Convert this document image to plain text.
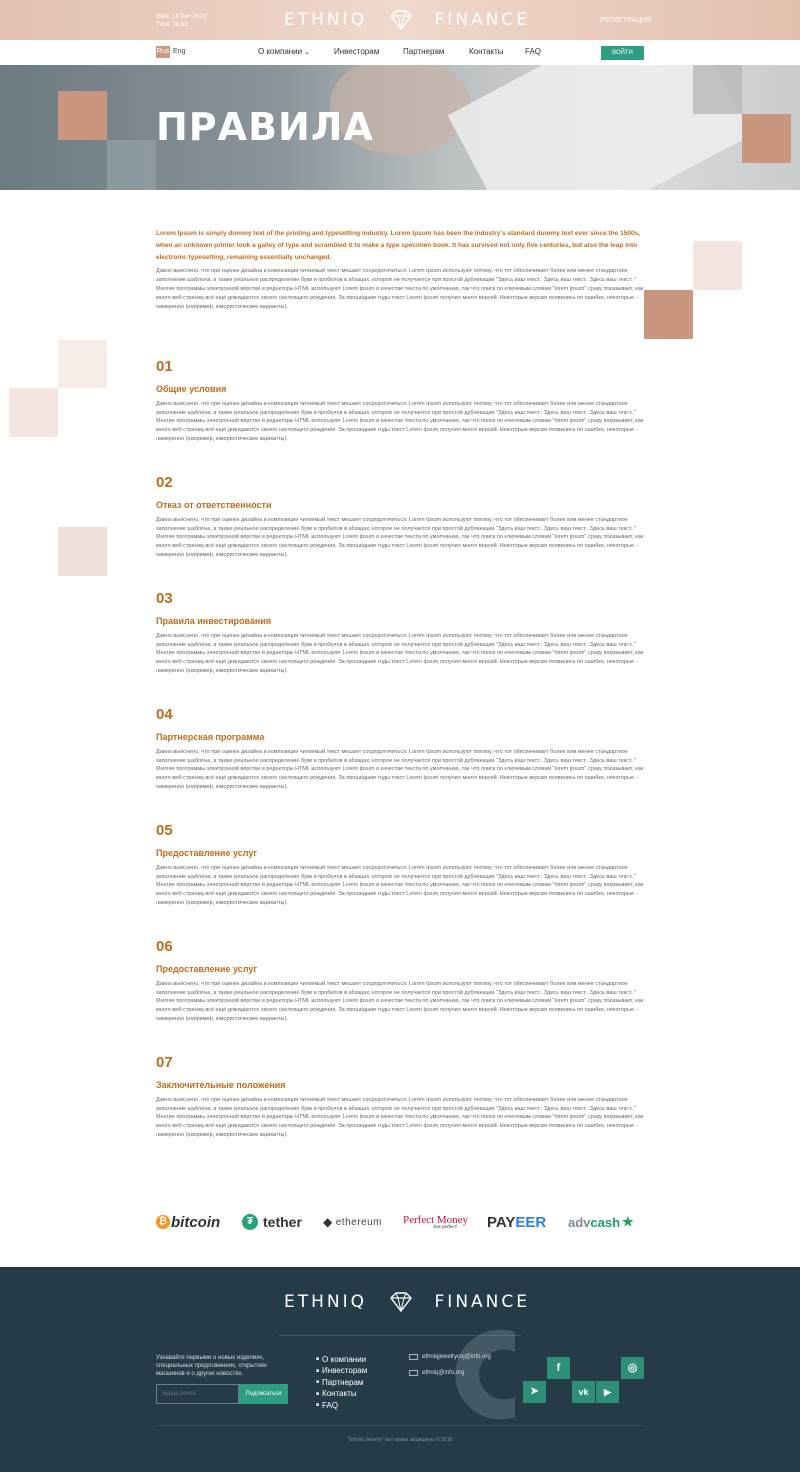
Date: 14 Dec 2020
Time: 16:33	ETHNIQ	FINANCE	РЕГИСТРАЦИЯ
Rus Eng	О компании ⌄	Инвесторам	Партнерам	Контакты	FAQ	ВОЙТИ
ПРАВИЛА
Lorem Ipsum is simply dummy text of the printing and typesetting industry. Lorem Ipsum has been the industry's standard dummy text ever since the 1500s, when an unknown printer took a galley of type and scrambled it to make a type specimen book. It has survived not only five centuries, but also the leap into electronic typesetting, remaining essentially unchanged.
Давно выяснено, что при оценке дизайна и композиции читаемый текст мешает сосредоточиться. Lorem Ipsum используют потому, что тот обеспечивает более или менее стандартное заполнение шаблона, а также реальное распределение букв и пробелов в абзацах, которое не получается при простой дубликации "Здесь ваш текст.. Здесь ваш текст.. Здесь ваш текст.." Многие программы электронной вёрстки и редакторы HTML используют Lorem Ipsum в качестве текста по умолчанию, так что поиск по ключевым словам "lorem ipsum" сразу показывает, как много веб-страниц всё ещё дожидаются своего настоящего рождения. За прошедшие годы текст Lorem Ipsum получил много версий. Некоторые версии появились по ошибке, некоторые - намеренно (например, юмористические варианты).
01
Общие условия
Давно выяснено, что при оценке дизайна и композиции читаемый текст мешает сосредоточиться. Lorem Ipsum используют потому, что тот обеспечивает более или менее стандартное заполнение шаблона, а также реальное распределение букв и пробелов в абзацах, которое не получается при простой дубликации "Здесь ваш текст.. Здесь ваш текст.. Здесь ваш текст.." Многие программы электронной вёрстки и редакторы HTML используют Lorem Ipsum в качестве текста по умолчанию, так что поиск по ключевым словам "lorem ipsum" сразу показывает, как много веб-страниц всё ещё дожидаются своего настоящего рождения. За прошедшие годы текст Lorem Ipsum получил много версий. Некоторые версии появились по ошибке, некоторые - намеренно (например, юмористические варианты).
02
Отказ от ответственности
Давно выяснено, что при оценке дизайна и композиции читаемый текст мешает сосредоточиться. Lorem Ipsum используют потому, что тот обеспечивает более или менее стандартное заполнение шаблона, а также реальное распределение букв и пробелов в абзацах, которое не получается при простой дубликации "Здесь ваш текст.. Здесь ваш текст.. Здесь ваш текст.." Многие программы электронной вёрстки и редакторы HTML используют Lorem Ipsum в качестве текста по умолчанию, так что поиск по ключевым словам "lorem ipsum" сразу показывает, как много веб-страниц всё ещё дожидаются своего настоящего рождения. За прошедшие годы текст Lorem Ipsum получил много версий. Некоторые версии появились по ошибке, некоторые - намеренно (например, юмористические варианты).
03
Правила инвестирования
Давно выяснено, что при оценке дизайна и композиции читаемый текст мешает сосредоточиться. Lorem Ipsum используют потому, что тот обеспечивает более или менее стандартное заполнение шаблона, а также реальное распределение букв и пробелов в абзацах, которое не получается при простой дубликации "Здесь ваш текст.. Здесь ваш текст.. Здесь ваш текст.." Многие программы электронной вёрстки и редакторы HTML используют Lorem Ipsum в качестве текста по умолчанию, так что поиск по ключевым словам "lorem ipsum" сразу показывает, как много веб-страниц всё ещё дожидаются своего настоящего рождения. За прошедшие годы текст Lorem Ipsum получил много версий. Некоторые версии появились по ошибке, некоторые - намеренно (например, юмористические варианты).
04
Партнерская программа
Давно выяснено, что при оценке дизайна и композиции читаемый текст мешает сосредоточиться. Lorem Ipsum используют потому, что тот обеспечивает более или менее стандартное заполнение шаблона, а также реальное распределение букв и пробелов в абзацах, которое не получается при простой дубликации "Здесь ваш текст.. Здесь ваш текст.. Здесь ваш текст.." Многие программы электронной вёрстки и редакторы HTML используют Lorem Ipsum в качестве текста по умолчанию, так что поиск по ключевым словам "lorem ipsum" сразу показывает, как много веб-страниц всё ещё дожидаются своего настоящего рождения. За прошедшие годы текст Lorem Ipsum получил много версий. Некоторые версии появились по ошибке, некоторые - намеренно (например, юмористические варианты).
05
Предоставление услуг
Давно выяснено, что при оценке дизайна и композиции читаемый текст мешает сосредоточиться. Lorem Ipsum используют потому, что тот обеспечивает более или менее стандартное заполнение шаблона, а также реальное распределение букв и пробелов в абзацах, которое не получается при простой дубликации "Здесь ваш текст.. Здесь ваш текст.. Здесь ваш текст.." Многие программы электронной вёрстки и редакторы HTML используют Lorem Ipsum в качестве текста по умолчанию, так что поиск по ключевым словам "lorem ipsum" сразу показывает, как много веб-страниц всё ещё дожидаются своего настоящего рождения. За прошедшие годы текст Lorem Ipsum получил много версий. Некоторые версии появились по ошибке, некоторые - намеренно (например, юмористические варианты).
06
Предоставление услуг
Давно выяснено, что при оценке дизайна и композиции читаемый текст мешает сосредоточиться. Lorem Ipsum используют потому, что тот обеспечивает более или менее стандартное заполнение шаблона, а также реальное распределение букв и пробелов в абзацах, которое не получается при простой дубликации "Здесь ваш текст.. Здесь ваш текст.. Здесь ваш текст.." Многие программы электронной вёрстки и редакторы HTML используют Lorem Ipsum в качестве текста по умолчанию, так что поиск по ключевым словам "lorem ipsum" сразу показывает, как много веб-страниц всё ещё дожидаются своего настоящего рождения. За прошедшие годы текст Lorem Ipsum получил много версий. Некоторые версии появились по ошибке, некоторые - намеренно (например, юмористические варианты).
07
Заключительные положения
Давно выяснено, что при оценке дизайна и композиции читаемый текст мешает сосредоточиться. Lorem Ipsum используют потому, что тот обеспечивает более или менее стандартное заполнение шаблона, а также реальное распределение букв и пробелов в абзацах, которое не получается при простой дубликации "Здесь ваш текст.. Здесь ваш текст.. Здесь ваш текст.." Многие программы электронной вёрстки и редакторы HTML используют Lorem Ipsum в качестве текста по умолчанию, так что поиск по ключевым словам "lorem ipsum" сразу показывает, как много веб-страниц всё ещё дожидаются своего настоящего рождения. За прошедшие годы текст Lorem Ipsum получил много версий. Некоторые версии появились по ошибке, некоторые - намеренно (например, юмористические варианты).
₿ bitcoin	₮ tether ◆ ethereum Perfect Money
Just perfect! PAY EER adv cash ★
ETHNIQ	FINANCE
Узнавайте первыми о новых изделиях, специальных предложениях, открытиях магазинов и о других новостях.
Ваша почта
Подписаться
■ О компании
■ Инвесторам
■ Партнерам
■ Контакты
■ FAQ
ethniqjewelrycoj@info.org
ethniq@info.org	f	◎
➤	vk	▶
"Ethniq Jewelry" все права защищены © 2018
